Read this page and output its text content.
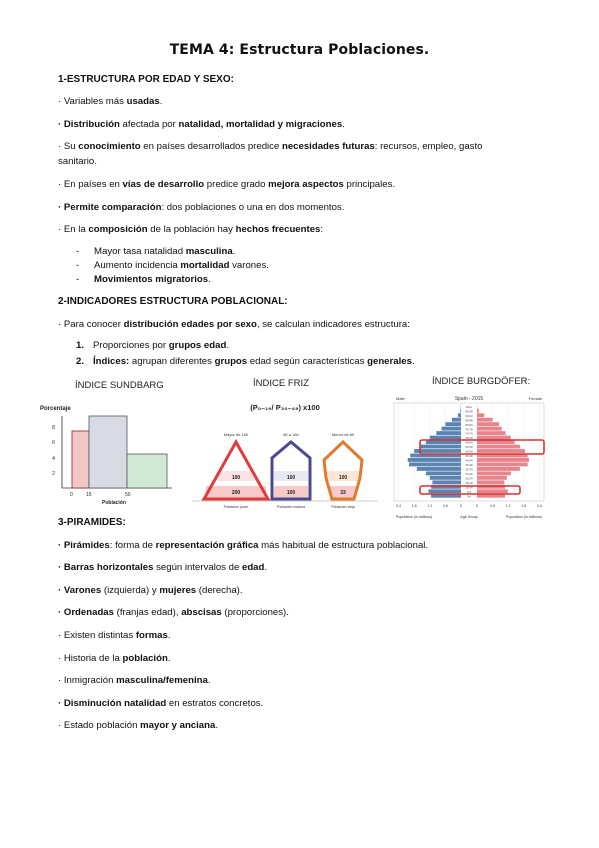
TEMA 4: Estructura Poblaciones.
1-ESTRUCTURA POR EDAD Y SEXO:
· Variables más usadas.
· Distribución afectada por natalidad, mortalidad y migraciones.
· Su conocimiento en países desarrollados predice necesidades futuras: recursos, empleo, gasto
sanitario.
· En países en vías de desarrollo predice grado mejora aspectos principales.
· Permite comparación: dos poblaciones o una en dos momentos.
· En la composición de la población hay hechos frecuentes:
- Mayor tasa natalidad masculina.
- Aumento incidencia mortalidad varones.
- Movimientos migratorios.
2-INDICADORES ESTRUCTURA POBLACIONAL:
· Para conocer distribución edades por sexo, se calculan indicadores estructura:
1. Proporciones por grupos edad.
2. Índices: agrupan diferentes grupos edad según características generales.
ÍNDICE SUNDBARG	ÍNDICE FRIZ	ÍNDICE BURGDÖFER:
Porcentaje
8
6
4
2
0	15	50
Población
(P₀₋₁₉/ P₃₀₋₄₉) x100
Mayor de 160
100
200
Población joven
60 a 160
100
100
Población madura
Menor de 60
100
33
Población vieja
Spain - 2015
Male	Female
0-4
5-9
10-14
15-19
20-24
25-29
30-34
35-39
40-44
45-49
50-54
55-59
60-64
65-69
70-74
75-79
80-84
85-89
90-94
95-99
100+
2.4	1.8	1.2	0.6	0	0	0.6	1.2	1.8	2.4
Population (in millions)	Age Group	Population (in millions)
3-PIRAMIDES:
· Pirámides: forma de representación gráfica más habitual de estructura poblacional.
· Barras horizontales según intervalos de edad.
· Varones (izquierda) y mujeres (derecha).
· Ordenadas (franjas edad), abscisas (proporciones).
· Existen distintas formas.
· Historia de la población.
· Inmigración masculina/femenina.
· Disminución natalidad en estratos concretos.
· Estado población mayor y anciana.
